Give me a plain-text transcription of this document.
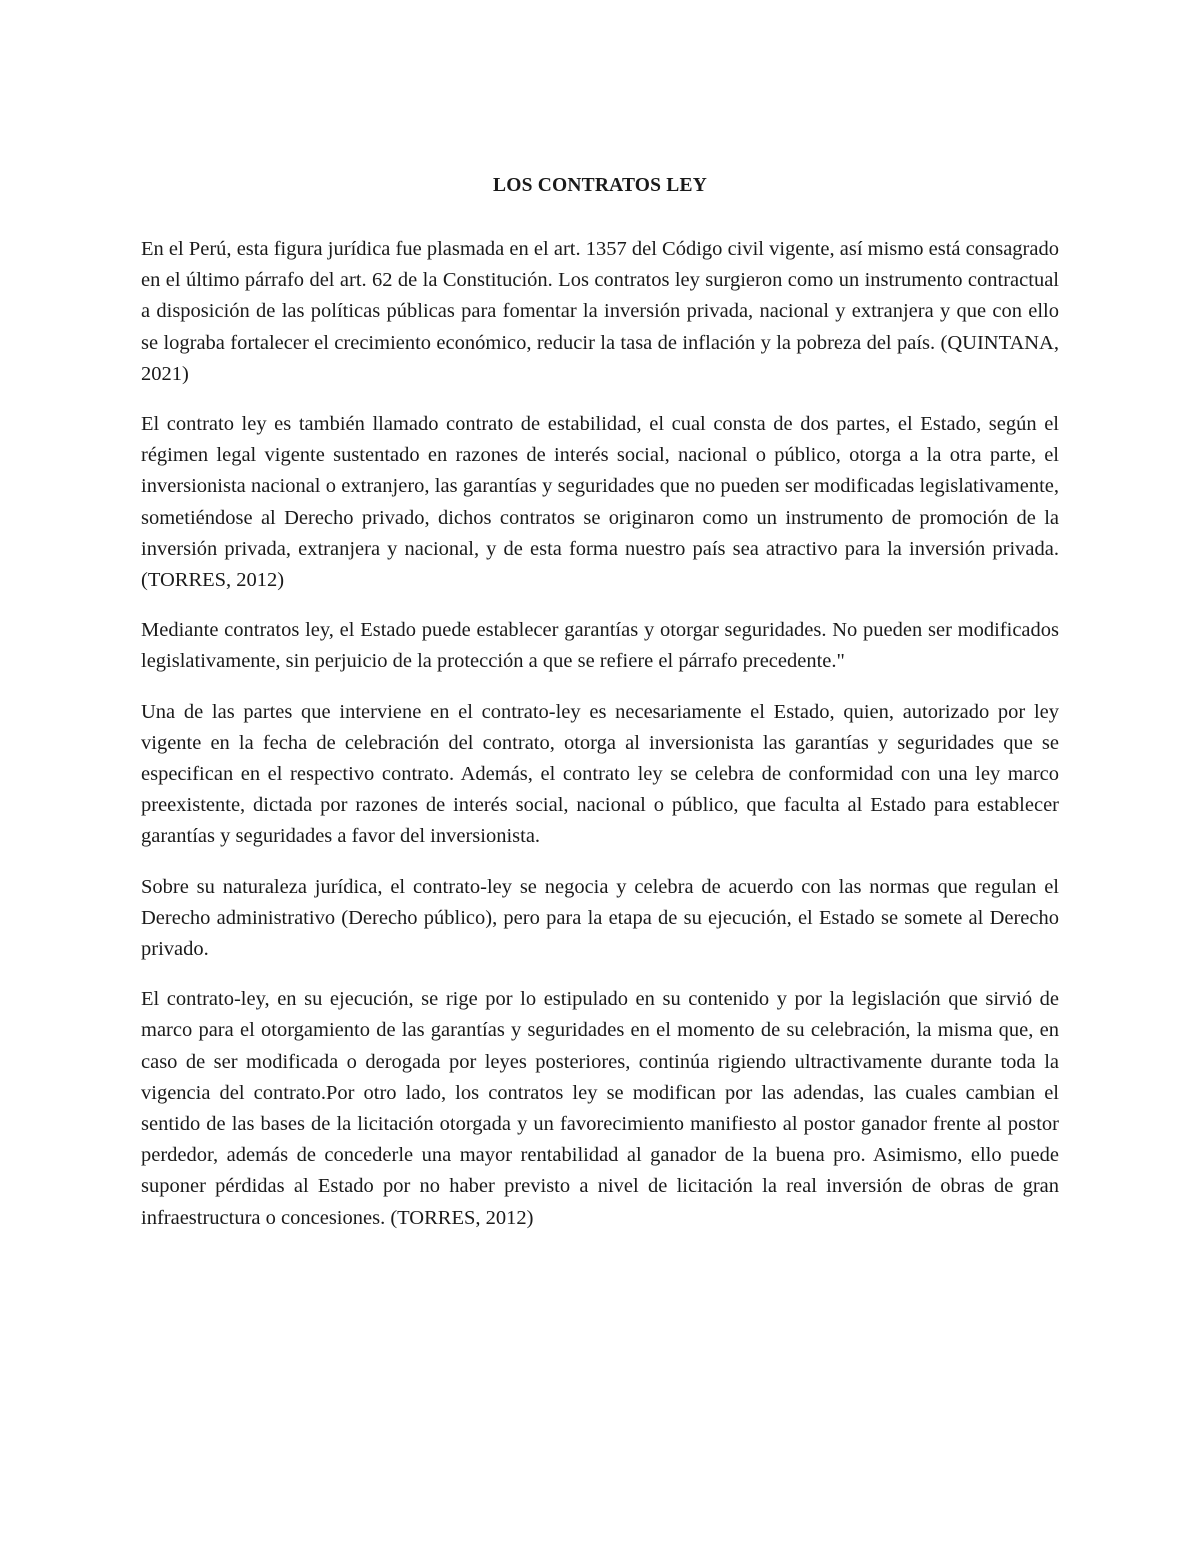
LOS CONTRATOS LEY

En el Perú, esta figura jurídica fue plasmada en el art. 1357 del Código civil vigente, así mismo está consagrado en el último párrafo del art. 62 de la Constitución. Los contratos ley surgieron como un instrumento contractual a disposición de las políticas públicas para fomentar la inversión privada, nacional y extranjera y que con ello se lograba fortalecer el crecimiento económico, reducir la tasa de inflación y la pobreza del país. (QUINTANA, 2021)

El contrato ley es también llamado contrato de estabilidad, el cual consta de dos partes, el Estado, según el régimen legal vigente sustentado en razones de interés social, nacional o público, otorga a la otra parte, el inversionista nacional o extranjero, las garantías y seguridades que no pueden ser modificadas legislativamente, sometiéndose al Derecho privado, dichos contratos se originaron como un instrumento de promoción de la inversión privada, extranjera y nacional, y de esta forma nuestro país sea atractivo para la inversión privada.(TORRES, 2012)

Mediante contratos ley, el Estado puede establecer garantías y otorgar seguridades. No pueden ser modificados legislativamente, sin perjuicio de la protección a que se refiere el párrafo precedente."

Una de las partes que interviene en el contrato-ley es necesariamente el Estado, quien, autorizado por ley vigente en la fecha de celebración del contrato, otorga al inversionista las garantías y seguridades que se especifican en el respectivo contrato. Además, el contrato ley se celebra de conformidad con una ley marco preexistente, dictada por razones de interés social, nacional o público, que faculta al Estado para establecer garantías y seguridades a favor del inversionista.

Sobre su naturaleza jurídica, el contrato-ley se negocia y celebra de acuerdo con las normas que regulan el Derecho administrativo (Derecho público), pero para la etapa de su ejecución, el Estado se somete al Derecho privado.

El contrato-ley, en su ejecución, se rige por lo estipulado en su contenido y por la legislación que sirvió de marco para el otorgamiento de las garantías y seguridades en el momento de su celebración, la misma que, en caso de ser modificada o derogada por leyes posteriores, continúa rigiendo ultractivamente durante toda la vigencia del contrato.Por otro lado, los contratos ley se modifican por las adendas, las cuales cambian el sentido de las bases de la licitación otorgada y un favorecimiento manifiesto al postor ganador frente al postor perdedor, además de concederle una mayor rentabilidad al ganador de la buena pro. Asimismo, ello puede suponer pérdidas al Estado por no haber previsto a nivel de licitación la real inversión de obras de gran infraestructura o concesiones. (TORRES, 2012)
